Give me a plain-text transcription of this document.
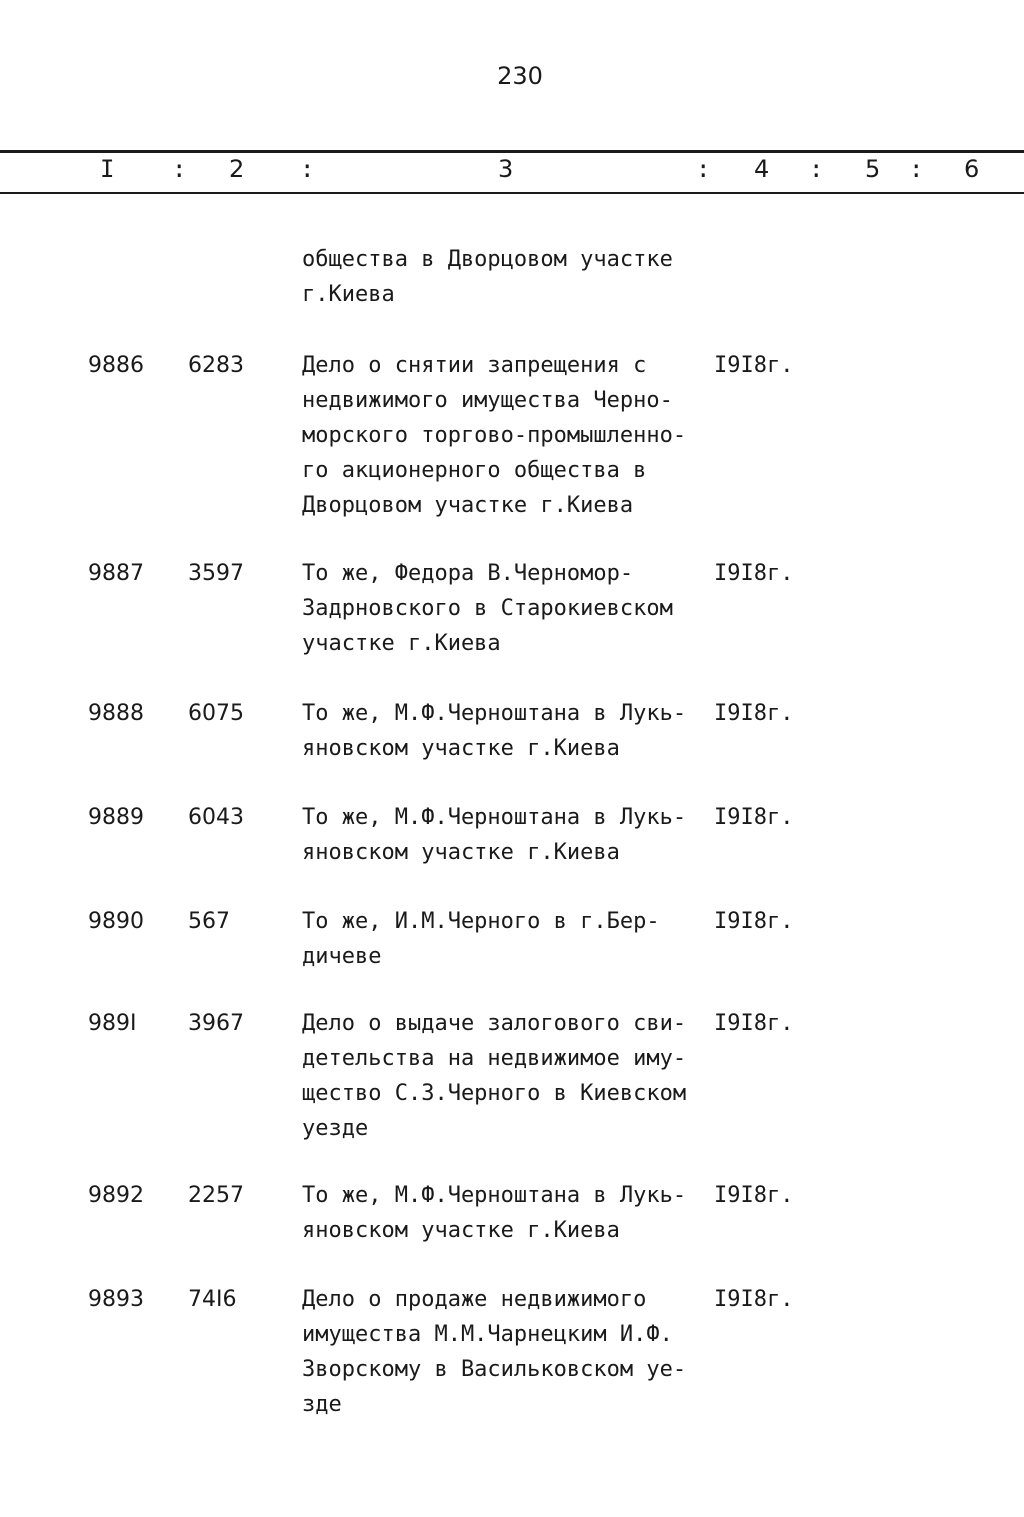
230
I : 2 :	3	: 4 : 5 : 6
общества в Дворцовом участке
г.Киева
9886 6283	Дело о снятии запрещения с
недвижимого имущества Черно-
морского торгово-промышленно-
го акционерного общества в
Дворцовом участке г.Киева
I9I8г.
9887 3597	То же, Федора В.Черномор-
Задрновского в Старокиевском
участке г.Киева
I9I8г.
9888 6075	То же, М.Ф.Черноштана в Лукь-
яновском участке г.Киева
I9I8г.
9889 6043	То же, М.Ф.Черноштана в Лукь-
яновском участке г.Киева
I9I8г.
9890 567	То же, И.М.Черного в г.Бер-
дичеве
I9I8г.
989I 3967	Дело о выдаче залогового сви-
детельства на недвижимое иму-
щество С.З.Черного в Киевском
уезде
I9I8г.
9892 2257	То же, М.Ф.Черноштана в Лукь-
яновском участке г.Киева
I9I8г.
9893 74I6	Дело о продаже недвижимого
имущества М.М.Чарнецким И.Ф.
Зворскому в Васильковском уе-
зде
I9I8г.
